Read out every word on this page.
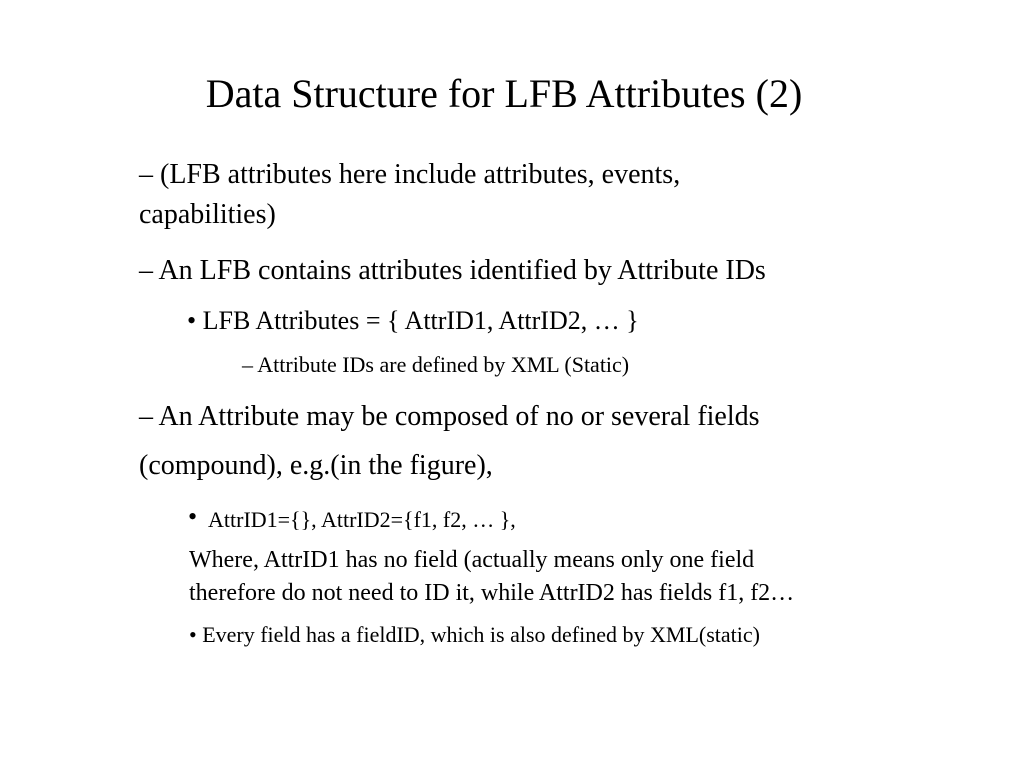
Data Structure for LFB Attributes (2)
– (LFB attributes here include attributes, events,
capabilities)
– An LFB contains attributes identified by Attribute IDs
• LFB Attributes = { AttrID1, AttrID2, … }
– Attribute IDs are defined by XML (Static)
– An Attribute may be composed of no or several fields
(compound), e.g.(in the figure),
• AttrID1={}, AttrID2={f1, f2, … },
Where, AttrID1 has no field (actually means only one field
therefore do not need to ID it, while AttrID2 has fields f1, f2…
• Every field has a fieldID, which is also defined by XML(static)
